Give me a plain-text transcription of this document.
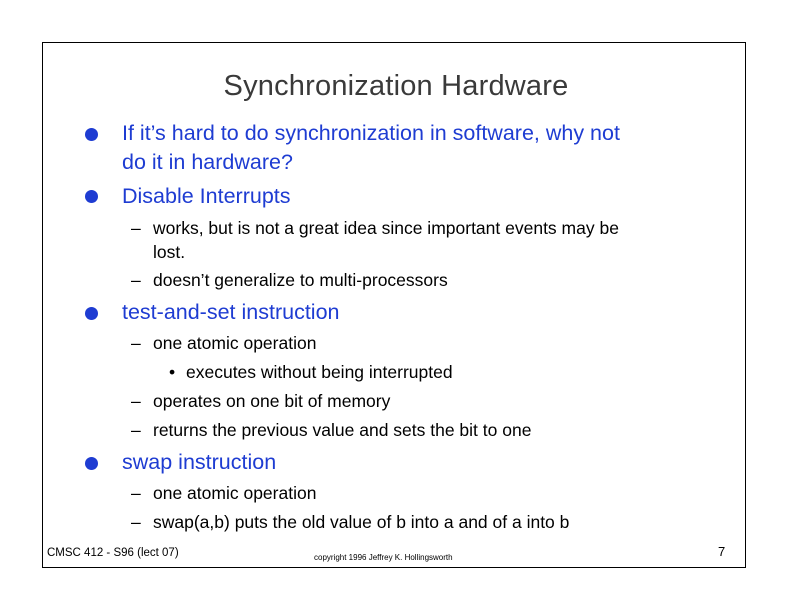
Synchronization Hardware
If it’s hard to do synchronization in software, why not
do it in hardware?
Disable Interrupts
– works, but is not a great idea since important events may be
lost.
– doesn’t generalize to multi-processors
test-and-set instruction
– one atomic operation
• executes without being interrupted
– operates on one bit of memory
– returns the previous value and sets the bit to one
swap instruction
– one atomic operation
– swap(a,b) puts the old value of b into a and of a into b
CMSC 412 - S96 (lect 07)	copyright 1996 Jeffrey K. Hollingsworth	7
